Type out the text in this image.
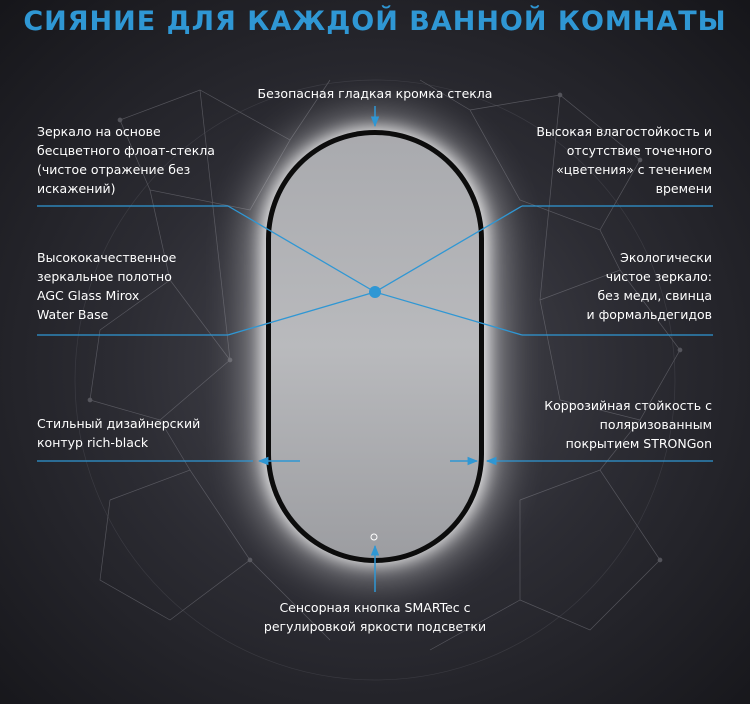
СИЯНИЕ ДЛЯ КАЖДОЙ ВАННОЙ КОМНАТЫ
Безопасная гладкая кромка стекла
Зеркало на основе
бесцветного флоат-стекла
(чистое отражение без
искажений)
Высокая влагостойкость и
отсутствие точечного
«цветения» с течением
времени
Высококачественное
зеркальное полотно
AGC Glass Mirox
Water Base
Экологически
чистое зеркало:
без меди, свинца
и формальдегидов
Стильный дизайнерский
контур rich-black
Коррозийная стойкость с
поляризованным
покрытием STRONGon
Сенсорная кнопка SMARTec с
регулировкой яркости подсветки
